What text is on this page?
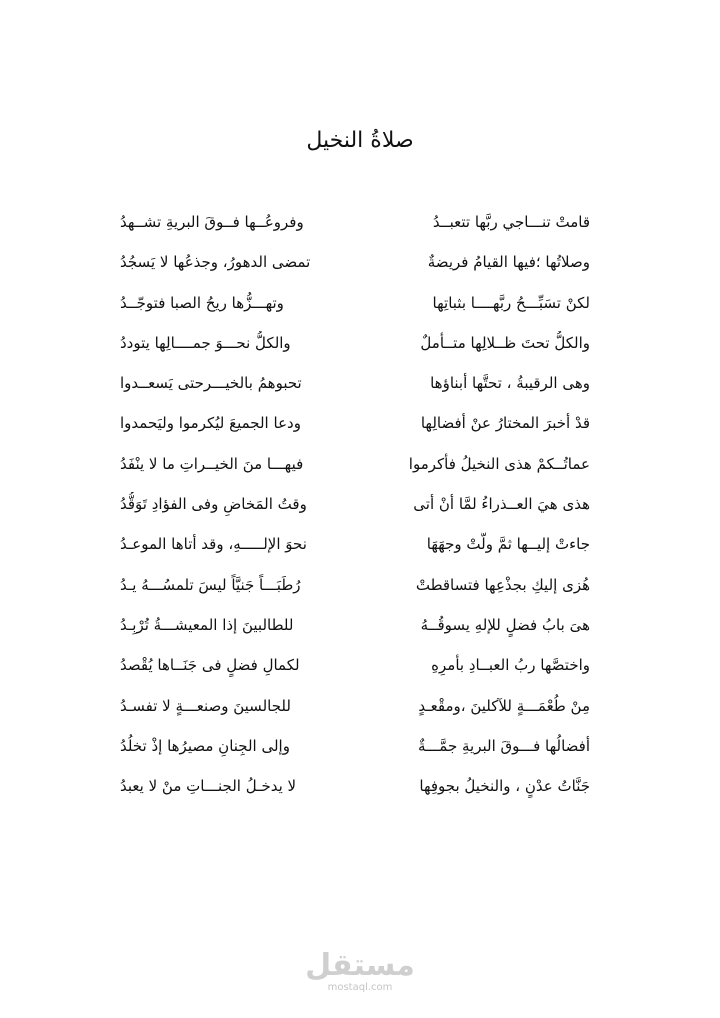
صلاةُ النخيل
قامتْ تنـــاجي ربَّها تتعبــدُ
وفروعُــها فــوقَ البريةِ تشــهدُ
وصلاتُها ؛فيها القيامُ فريضةٌ
تمضى الدهورُ، وجذعُها لا يَسجُدُ
لكنْ تسَبِّـــحُ ربَّهــــا بثباتِها
وتهـــزُّها ريحُ الصبا فتوجّــدُ
والكلُّ تحتَ ظــلالِها متــأملٌ
والكلُّ نحـــوَ جمــــالِها يتوددُ
وهى الرقيبةُ ، تحتَّها أبناؤها
تحبوهمُ بالخيـــرحتى يَسعــدوا
قدْ أخبرَ المختارُ عنْ أفضالِها
ودعا الجميعَ ليُكرموا وليَحمدوا
عماتُــكمْ هذى النخيلُ فأكرموا
فيهـــا منَ الخيــراتِ ما لا ينْفَدُ
هذى هيَ العــذراءُ لمَّا أنْ أتى
وقتُ المَخاضِ وفى الفؤادِ تَوَقُّدُ
جاءتْ إليــها ثمَّ ولَّتْ وجهَهَا
نحوَ الإلـــــهِ، وقد أتاها الموعـدُ
هُزى إليكِ بجذْعِها فتساقطتْ
رُطَبَـــاً جَنيَّاً ليسَ تلمسُـــهُ يـدُ
هىَ بابُ فضلٍ للإلهِ يسوقُــهُ
للطالبينَ إذا المعيشـــةُ تُرْبِـدُ
واختصَّها ربُ العبــادِ بأمرِهِ
لكمالِ فضلٍ فى جَنَــاها يُقْصدُ
مِنْ طُعْمَـــةٍ للآكلينَ ،ومقْعـدٍ
للجالسينَ وصنعـــةٍ لا تفسـدُ
أفضالُها فـــوقَ البريةِ جمَّـــةٌ
وإلى الجِنانِ مصيرُها إذْ تخلُدُ
جَنَّاتُ عدْنٍ ، والنخيلُ بجوفِها
لا يدخـلُ الجنـــاتِ منْ لا يعبدُ
مستقل
mostaql.com
